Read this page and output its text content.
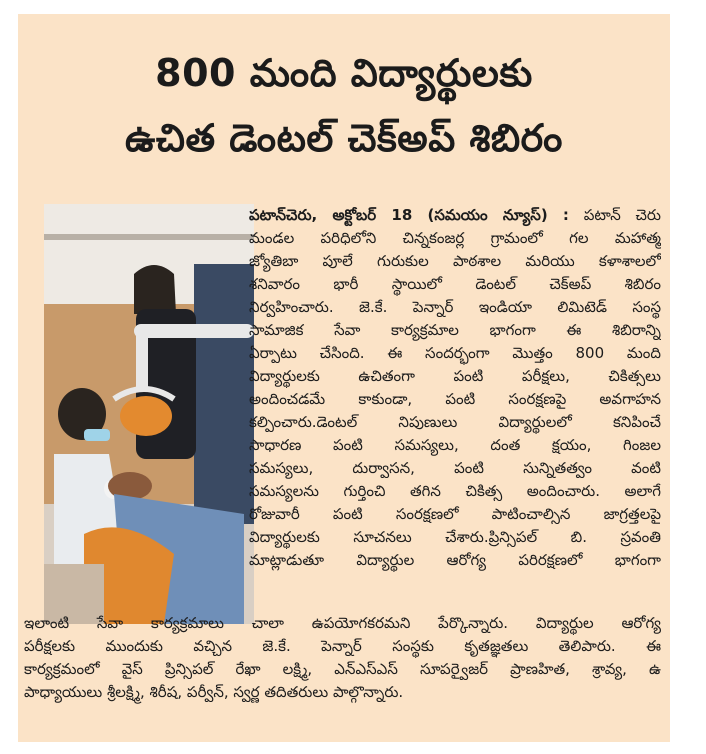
800 మంది విద్యార్థులకు
ఉచిత డెంటల్ చెక్అప్ శిబిరం
పటాన్‌చెరు, అక్టోబర్ 18 (సమయం న్యూస్) : పటాన్ చెరు
మండల పరిధిలోని చిన్నకంజర్ల గ్రామంలో గల మహాత్మ
జ్యోతిబా పూలే గురుకుల పాఠశాల మరియు కళాశాలలో
శనివారం భారీ స్థాయిలో డెంటల్ చెక్అప్ శిబిరం
నిర్వహించారు. జె.కే. పెన్నార్ ఇండియా లిమిటెడ్ సంస్థ
సామాజిక సేవా కార్యక్రమాల భాగంగా ఈ శిబిరాన్ని
ఏర్పాటు చేసింది. ఈ సందర్భంగా మొత్తం 800 మంది
విద్యార్థులకు ఉచితంగా పంటి పరీక్షలు, చికిత్సలు
అందించడమే కాకుండా, పంటి సంరక్షణపై అవగాహన
కల్పించారు.డెంటల్ నిపుణులు విద్యార్థులలో కనిపించే
సాధారణ పంటి సమస్యలు, దంత క్షయం, గింజల
సమస్యలు, దుర్వాసన, పంటి సున్నితత్వం వంటి
సమస్యలను గుర్తించి తగిన చికిత్స అందించారు. అలాగే
రోజువారీ పంటి సంరక్షణలో పాటించాల్సిన జాగ్రత్తలపై
విద్యార్థులకు సూచనలు చేశారు.ప్రిన్సిపల్ బి. స్రవంతి
మాట్లాడుతూ విద్యార్థుల ఆరోగ్య పరిరక్షణలో భాగంగా
ఇలాంటి సేవా కార్యక్రమాలు చాలా ఉపయోగకరమని పేర్కొన్నారు. విద్యార్థుల ఆరోగ్య
పరీక్షలకు ముందుకు వచ్చిన జె.కే. పెన్నార్ సంస్థకు కృతజ్ఞతలు తెలిపారు. ఈ
కార్యక్రమంలో వైస్ ప్రిన్సిపల్ రేఖా లక్ష్మి, ఎన్ఎస్ఎస్ సూపర్వైజర్ ప్రాణహిత, శ్రావ్య, ఉ
పాధ్యాయులు శ్రీలక్ష్మి, శిరీష, పర్వీన్, స్వర్ణ తదితరులు పాల్గొన్నారు.
